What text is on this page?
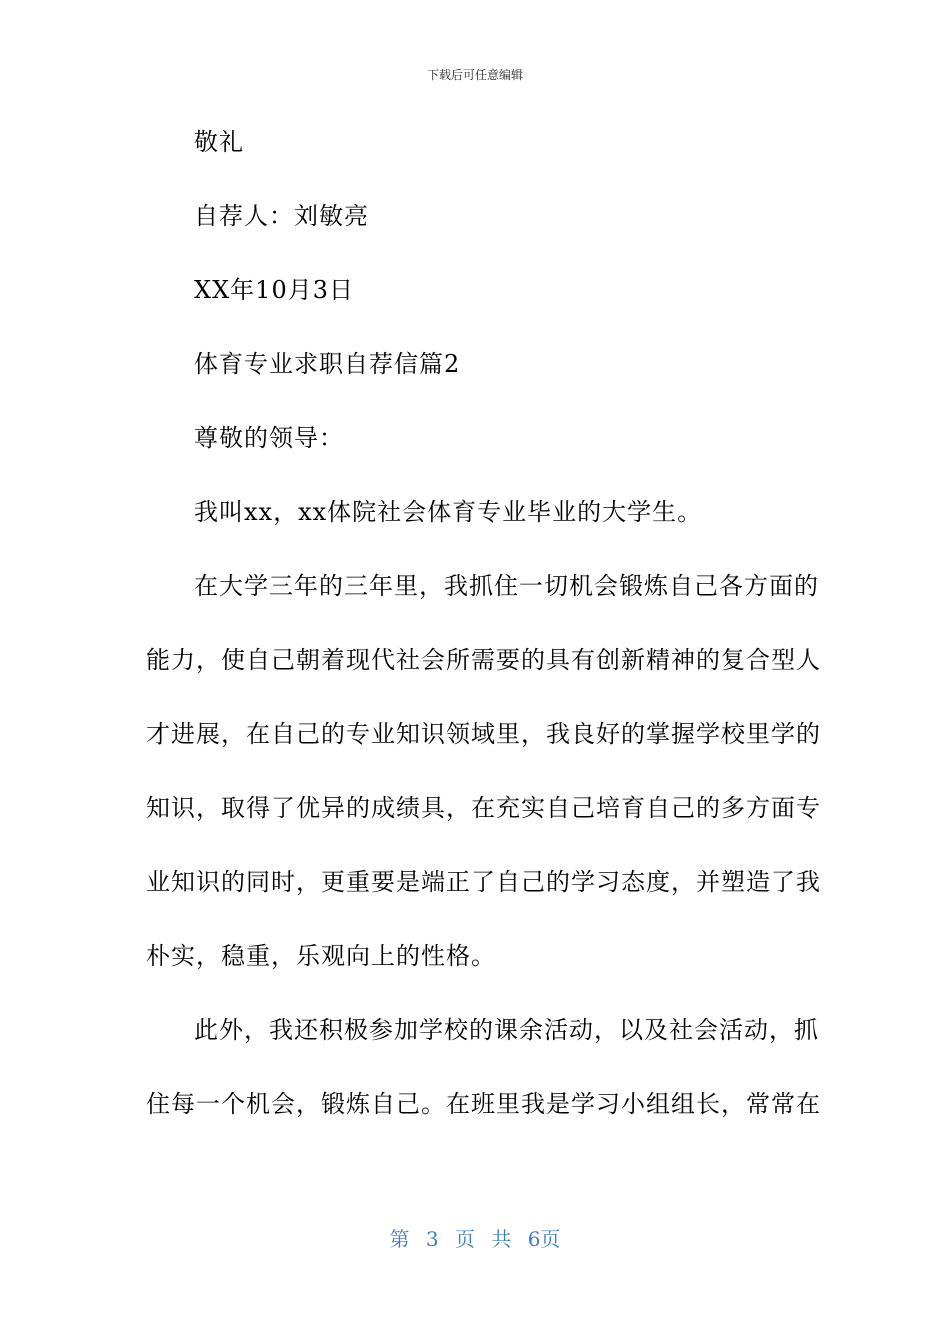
下载后可任意编辑
敬礼
自荐人：刘敏亮
XX年10月3日
体育专业求职自荐信篇2
尊敬的领导：
我叫xx，xx体院社会体育专业毕业的大学生。
在大学三年的三年里，我抓住一切机会锻炼自己各方面的
能力，使自己朝着现代社会所需要的具有创新精神的复合型人
才进展，在自己的专业知识领域里，我良好的掌握学校里学的
知识，取得了优异的成绩具，在充实自己培育自己的多方面专
业知识的同时，更重要是端正了自己的学习态度，并塑造了我
朴实，稳重，乐观向上的性格。
此外，我还积极参加学校的课余活动，以及社会活动，抓
住每一个机会，锻炼自己。在班里我是学习小组组长，常常在
第 3 页 共 6页
